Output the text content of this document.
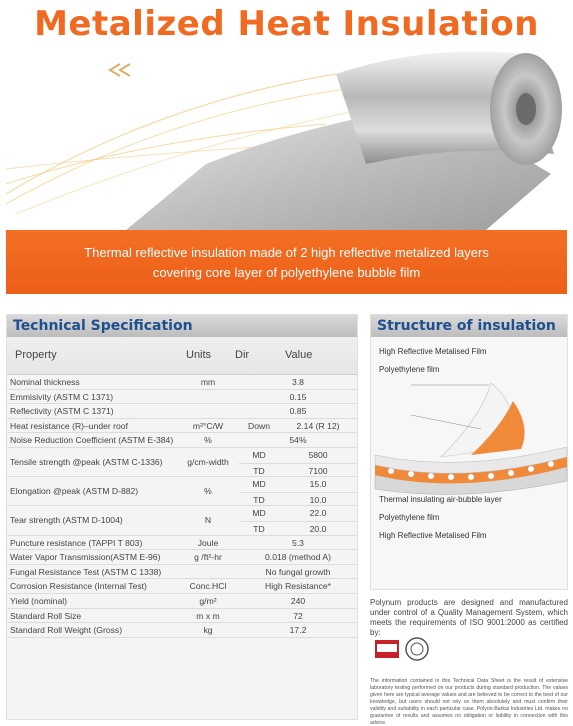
Metalized Heat Insulation
Thermal reflective insulation made of 2 high reflective metalized layers
covering core layer of polyethylene bubble film
Technical Specification
Property	Units Dir	Value
Nominal thickness	mm	3.8
Emmisivity (ASTM C 1371)	0.15
Reflectivity (ASTM C 1371)	0.85
Heat resistance (R)–under roof	m²°C/W	Down	2.14 (R 12)
Noise Reduction Coefficient (ASTM E-384)	%	54%
Tensile strength @peak (ASTM C-1336)	g/cm-width
MD	5800
TD	7100
Elongation @peak (ASTM D-882)	%
MD	15.0
TD	10.0
Tear strength (ASTM D-1004)	N
MD	22.0
TD	20.0
Puncture resistance (TAPPI T 803)	Joule	5.3
Water Vapor Transmission(ASTM E-96)	g /ft²-hr	0.018 (method A)
Fungal Resistance Test (ASTM C 1338)	No fungal growth
Corrosion Resistance (Internal Test)	Conc.HCl	High Resistance*
Yield (nominal)	g/m²	240
Standard Roll Size	m x m	72
Standard Roll Weight (Gross)	kg	17.2
Structure of insulation
High Reflective Metalised Film
Polyethylene film
Thermal insulating air-bubble layer
Polyethylene film
High Reflective Metalised Film
Polynum products are designed and manufactured under control of a Quality Management System, which meets the requirements of ISO 9001:2000 as certified by:
The information contained in this Technical Data Sheet is the result of extensive laboratory testing performed on our products during standard production. The values given here are typical average values and are believed to be correct to the best of our knowledge, but users should not rely on them absolutely and must confirm their validity and suitability in each particular case. Polyon-Barkai Industries Ltd. makes no guarantee of results and assumes no obligation or liability in connection with this advice.
